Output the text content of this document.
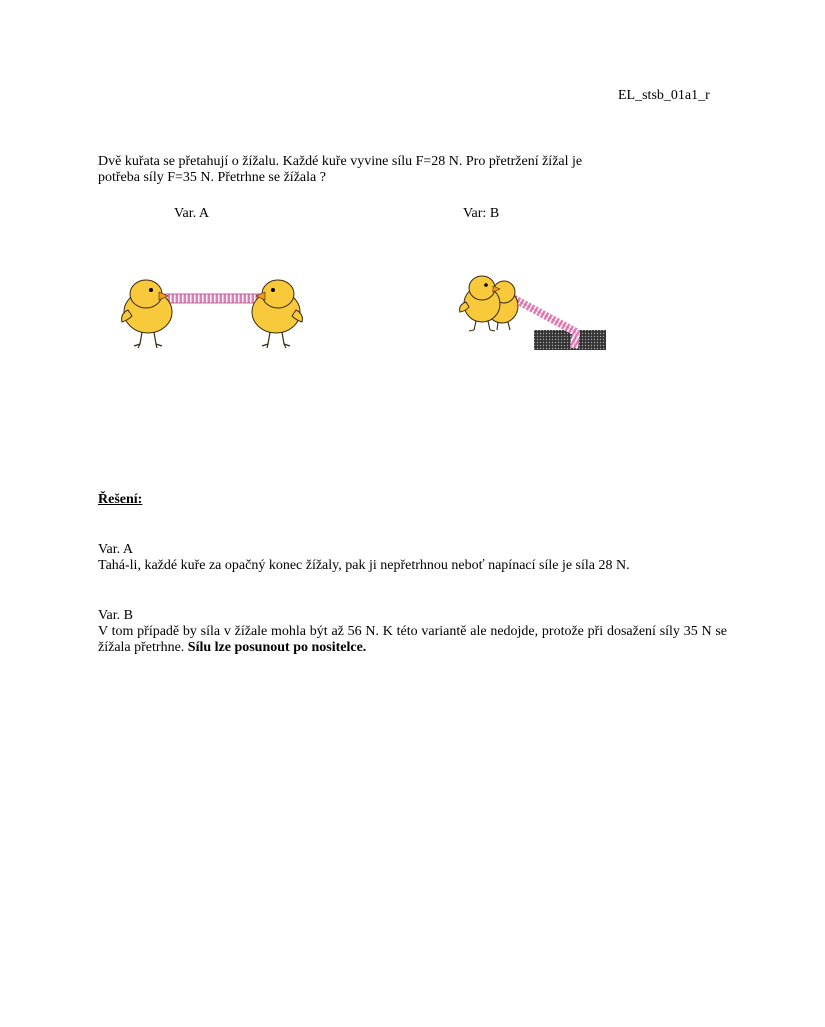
EL_stsb_01a1_r
Dvě kuřata se přetahují o žížalu. Každé kuře vyvine sílu F=28 N. Pro přetržení žížal je
potřeba síly F=35 N. Přetrhne se žížala ?
Var. A	Var: B
Řešení:
Var. A
Tahá-li, každé kuře za opačný konec žížaly, pak ji nepřetrhnou neboť napínací síle je síla 28 N.
Var. B
V tom případě by síla v žížale mohla být až 56 N. K této variantě ale nedojde, protože při dosažení síly 35 N se žížala přetrhne. Sílu lze posunout po nositelce.
